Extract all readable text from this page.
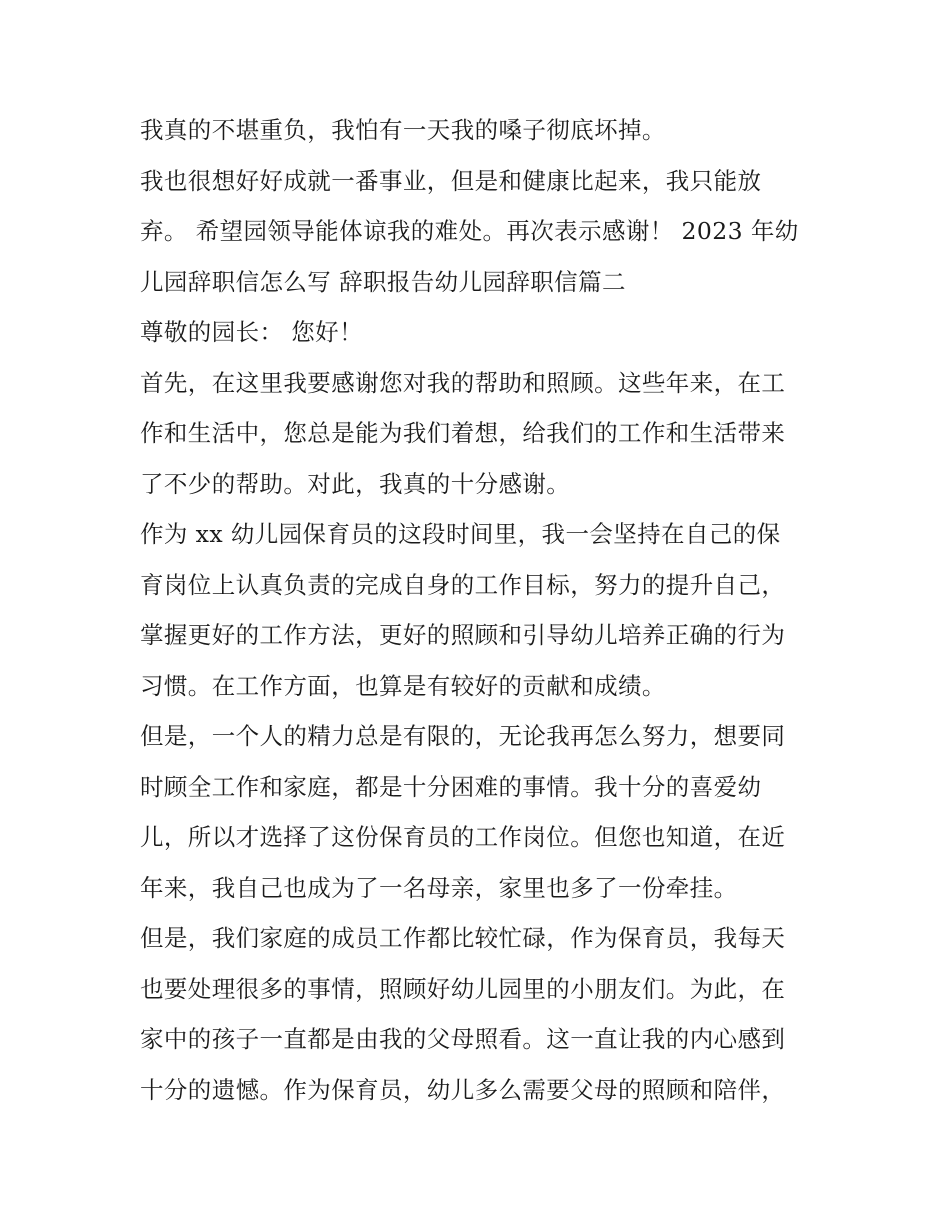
我真的不堪重负，我怕有一天我的嗓子彻底坏掉。
我也很想好好成就一番事业，但是和健康比起来，我只能放
弃。 希望园领导能体谅我的难处。再次表示感谢！ 2023 年幼
儿园辞职信怎么写 辞职报告幼儿园辞职信篇二
尊敬的园长： 您好！
首先，在这里我要感谢您对我的帮助和照顾。这些年来，在工
作和生活中，您总是能为我们着想，给我们的工作和生活带来
了不少的帮助。对此，我真的十分感谢。
作为 xx 幼儿园保育员的这段时间里，我一会坚持在自己的保
育岗位上认真负责的完成自身的工作目标，努力的提升自己，
掌握更好的工作方法，更好的照顾和引导幼儿培养正确的行为
习惯。在工作方面，也算是有较好的贡献和成绩。
但是，一个人的精力总是有限的，无论我再怎么努力，想要同
时顾全工作和家庭，都是十分困难的事情。我十分的喜爱幼
儿，所以才选择了这份保育员的工作岗位。但您也知道，在近
年来，我自己也成为了一名母亲，家里也多了一份牵挂。
但是，我们家庭的成员工作都比较忙碌，作为保育员，我每天
也要处理很多的事情，照顾好幼儿园里的小朋友们。为此，在
家中的孩子一直都是由我的父母照看。这一直让我的内心感到
十分的遗憾。作为保育员，幼儿多么需要父母的照顾和陪伴，
